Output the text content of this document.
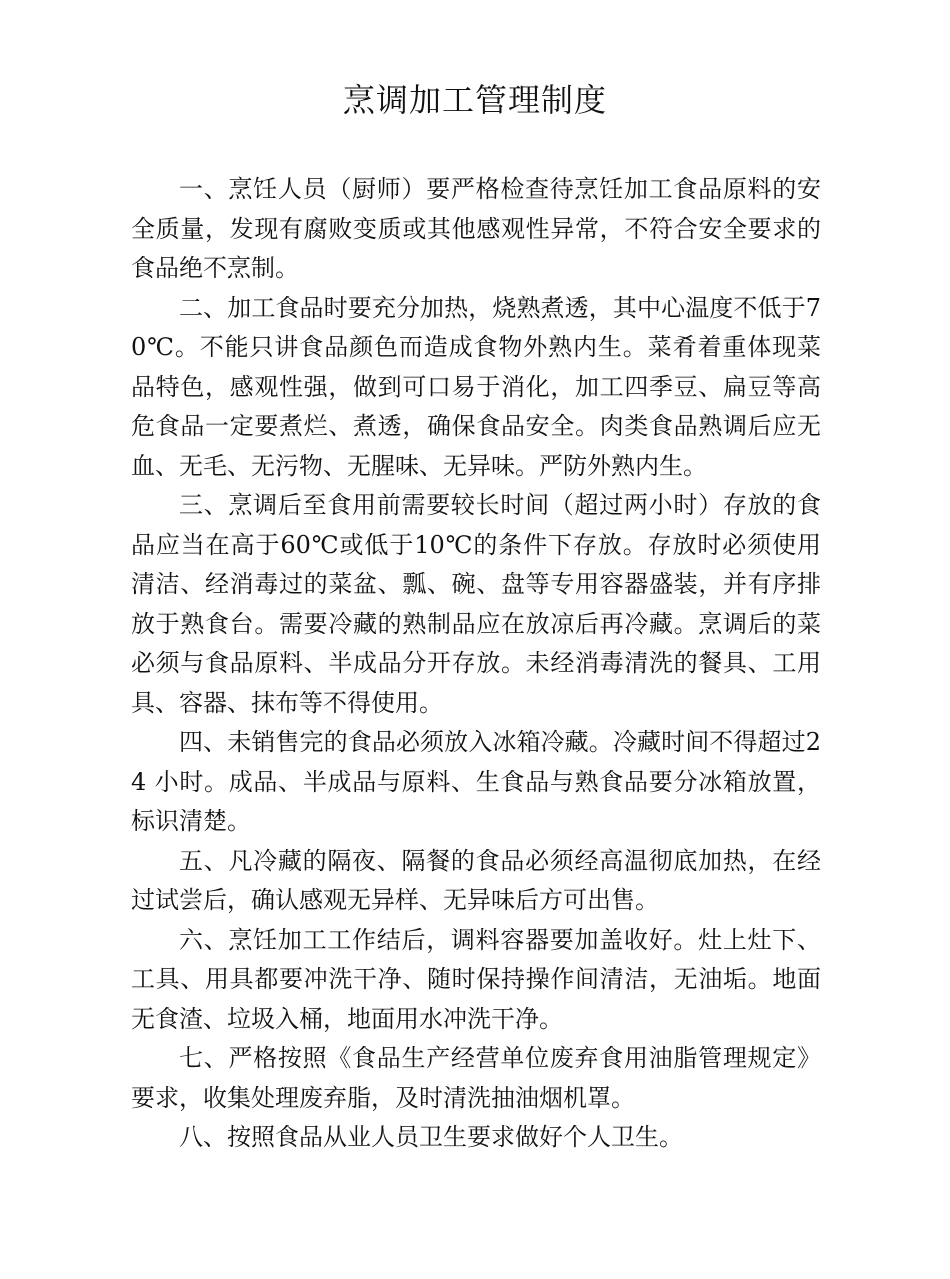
烹调加工管理制度

一、烹饪人员（厨师）要严格检查待烹饪加工食品原料的安全质量，发现有腐败变质或其他感观性异常，不符合安全要求的食品绝不烹制。

二、加工食品时要充分加热，烧熟煮透，其中心温度不低于70℃。不能只讲食品颜色而造成食物外熟内生。菜肴着重体现菜品特色，感观性强，做到可口易于消化，加工四季豆、扁豆等高危食品一定要煮烂、煮透，确保食品安全。肉类食品熟调后应无血、无毛、无污物、无腥味、无异味。严防外熟内生。

三、烹调后至食用前需要较长时间（超过两小时）存放的食品应当在高于60℃或低于10℃的条件下存放。存放时必须使用清洁、经消毒过的菜盆、瓢、碗、盘等专用容器盛装，并有序排放于熟食台。需要冷藏的熟制品应在放凉后再冷藏。烹调后的菜必须与食品原料、半成品分开存放。未经消毒清洗的餐具、工用具、容器、抹布等不得使用。

四、未销售完的食品必须放入冰箱冷藏。冷藏时间不得超过24 小时。成品、半成品与原料、生食品与熟食品要分冰箱放置，标识清楚。

五、凡冷藏的隔夜、隔餐的食品必须经高温彻底加热，在经过试尝后，确认感观无异样、无异味后方可出售。

六、烹饪加工工作结后，调料容器要加盖收好。灶上灶下、工具、用具都要冲洗干净、随时保持操作间清洁，无油垢。地面无食渣、垃圾入桶，地面用水冲洗干净。

七、严格按照《食品生产经营单位废弃食用油脂管理规定》要求，收集处理废弃脂，及时清洗抽油烟机罩。

八、按照食品从业人员卫生要求做好个人卫生。
